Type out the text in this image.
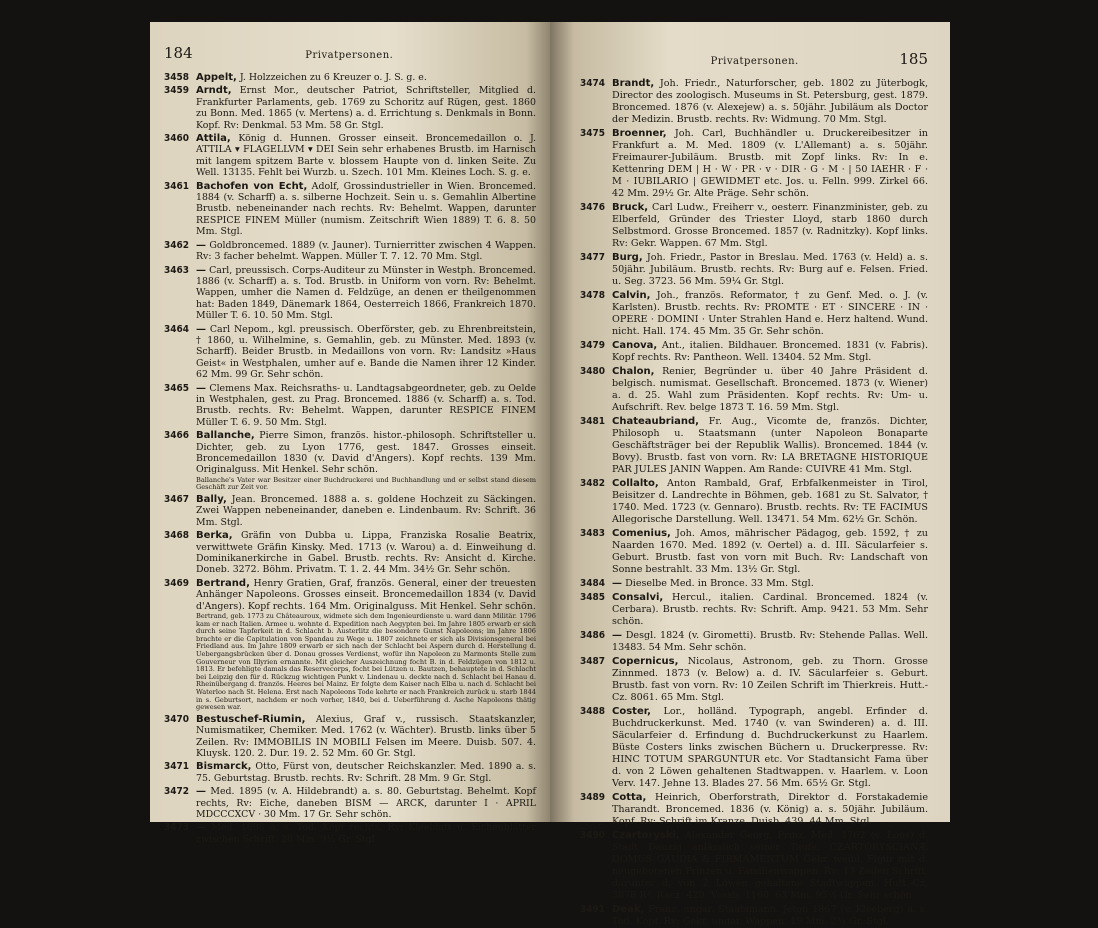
184	Privatpersonen.
3458 Appelt, J. Holzzeichen zu 6 Kreuzer o. J. S. g. e.
3459 Arndt, Ernst Mor., deutscher Patriot, Schriftsteller, Mitglied d. Frankfurter Parlaments, geb. 1769 zu Schoritz auf Rügen, gest. 1860 zu Bonn. Med. 1865 (v. Mertens) a. d. Errichtung s. Denkmals in Bonn. Kopf. Rv: Denkmal. 53 Mm. 58 Gr. Stgl.
3460 Attila, König d. Hunnen. Grosser einseit. Broncemedaillon o. J. ATTILA ▾ FLAGELLVM ▾ DEI Sein sehr erhabenes Brustb. im Harnisch mit langem spitzem Barte v. blossem Haupte von d. linken Seite. Zu Well. 13135. Fehlt bei Wurzb. u. Szech. 101 Mm. Kleines Loch. S. g. e.
3461 Bachofen von Echt, Adolf, Grossindustrieller in Wien. Broncemed. 1884 (v. Scharff) a. s. silberne Hochzeit. Sein u. s. Gemahlin Albertine Brustb. nebeneinander nach rechts. Rv: Behelmt. Wappen, darunter RESPICE FINEM Müller (numism. Zeitschrift Wien 1889) T. 6. 8. 50 Mm. Stgl.
3462 — Goldbroncemed. 1889 (v. Jauner). Turnierritter zwischen 4 Wappen. Rv: 3 facher behelmt. Wappen. Müller T. 7. 12. 70 Mm. Stgl.
3463 — Carl, preussisch. Corps-Auditeur zu Münster in Westph. Broncemed. 1886 (v. Scharff) a. s. Tod. Brustb. in Uniform von vorn. Rv: Behelmt. Wappen, umher die Namen d. Feldzüge, an denen er theilgenommen hat: Baden 1849, Dänemark 1864, Oesterreich 1866, Frankreich 1870. Müller T. 6. 10. 50 Mm. Stgl.
3464 — Carl Nepom., kgl. preussisch. Oberförster, geb. zu Ehrenbreitstein, † 1860, u. Wilhelmine, s. Gemahlin, geb. zu Münster. Med. 1893 (v. Scharff). Beider Brustb. in Medaillons von vorn. Rv: Landsitz »Haus Geist« in Westphalen, umher auf e. Bande die Namen ihrer 12 Kinder. 62 Mm. 99 Gr. Sehr schön.
3465 — Clemens Max. Reichsraths- u. Landtagsabgeordneter, geb. zu Oelde in Westphalen, gest. zu Prag. Broncemed. 1886 (v. Scharff) a. s. Tod. Brustb. rechts. Rv: Behelmt. Wappen, darunter RESPICE FINEM Müller T. 6. 9. 50 Mm. Stgl.
3466 Ballanche, Pierre Simon, französ. histor.-philosoph. Schriftsteller u. Dichter, geb. zu Lyon 1776, gest. 1847. Grosses einseit. Broncemedaillon 1830 (v. David d'Angers). Kopf rechts. 139 Mm. Originalguss. Mit Henkel. Sehr schön.
Ballanche's Vater war Besitzer einer Buchdruckerei und Buchhandlung und er selbst stand diesem Geschäft zur Zeit vor.
3467 Bally, Jean. Broncemed. 1888 a. s. goldene Hochzeit zu Säckingen. Zwei Wappen nebeneinander, daneben e. Lindenbaum. Rv: Schrift. 36 Mm. Stgl.
3468 Berka, Gräfin von Dubba u. Lippa, Franziska Rosalie Beatrix, verwittwete Gräfin Kinsky. Med. 1713 (v. Warou) a. d. Einweihung d. Dominikanerkirche in Gabel. Brustb. rechts. Rv: Ansicht d. Kirche. Doneb. 3272. Böhm. Privatm. T. 1. 2. 44 Mm. 34½ Gr. Sehr schön.
3469 Bertrand, Henry Gratien, Graf, französ. General, einer der treuesten Anhänger Napoleons. Grosses einseit. Broncemedaillon 1834 (v. David d'Angers). Kopf rechts. 164 Mm. Originalguss. Mit Henkel. Sehr schön.
Bertrand, geb. 1773 zu Châteauroux, widmete sich dem Ingenieurdienste u. ward dann Militär. 1796 kam er nach Italien. Armee u. wohnte d. Expedition nach Aegypten bei. Im Jahre 1805 erwarb er sich durch seine Tapferkeit in d. Schlacht b. Austerlitz die besondere Gunst Napoleons; im Jahre 1806 brachte er die Capitulation von Spandau zu Wege u. 1807 zeichnete er sich als Divisionsgeneral bei Friedland aus. Im Jahre 1809 erwarb er sich nach der Schlacht bei Aspern durch d. Herstellung d. Uebergangsbrücken über d. Donau grosses Verdienst, wofür ihn Napoleon zu Marmonts Stelle zum Gouverneur von Illyrien ernannte. Mit gleicher Auszeichnung focht B. in d. Feldzügen von 1812 u. 1813. Er befehligte damals das Reservecorps, focht bei Lützen u. Bautzen, behauptete in d. Schlacht bei Leipzig den für d. Rückzug wichtigen Punkt v. Lindenau u. deckte nach d. Schlacht bei Hanau d. Rheinübergang d. französ. Heeres bei Mainz. Er folgte dem Kaiser nach Elba u. nach d. Schlacht bei Waterloo nach St. Helena. Erst nach Napoleons Tode kehrte er nach Frankreich zurück u. starb 1844 in s. Geburtsort, nachdem er noch vorher, 1840, bei d. Ueberführung d. Asche Napoleons thätig gewesen war.
3470 Bestuschef-Riumin, Alexius, Graf v., russisch. Staatskanzler, Numismatiker, Chemiker. Med. 1762 (v. Wächter). Brustb. links über 5 Zeilen. Rv: IMMOBILIS IN MOBILI Felsen im Meere. Duisb. 507. 4. Kluysk. 120. 2. Dur. 19. 2. 52 Mm. 60 Gr. Stgl.
3471 Bismarck, Otto, Fürst von, deutscher Reichskanzler. Med. 1890 a. s. 75. Geburtstag. Brustb. rechts. Rv: Schrift. 28 Mm. 9 Gr. Stgl.
3472 — Med. 1895 (v. A. Hildebrandt) a. s. 80. Geburtstag. Behelmt. Kopf rechts, Rv: Eiche, daneben BISM — ARCK, darunter I · APRIL MDCCCXCV · 30 Mm. 17 Gr. Sehr schön.
3473 — Med. 1898 a. s. Tod. Kopf rechts. Rv: Kleeblatt u. Eichenblätter zwischen Schrift. 28 Mm. 9½ Gr. Stgl.
Privatpersonen.	185
3474 Brandt, Joh. Friedr., Naturforscher, geb. 1802 zu Jüterbogk, Director des zoologisch. Museums in St. Petersburg, gest. 1879. Broncemed. 1876 (v. Alexejew) a. s. 50jähr. Jubiläum als Doctor der Medizin. Brustb. rechts. Rv: Widmung. 70 Mm. Stgl.
3475 Broenner, Joh. Carl, Buchhändler u. Druckereibesitzer in Frankfurt a. M. Med. 1809 (v. L'Allemant) a. s. 50jähr. Freimaurer-Jubiläum. Brustb. mit Zopf links. Rv: In e. Kettenring DEM | H · W · PR · v · DIR · G · M · | 50 IAEHR · F · M · IUBILARIO | GEWIDMET etc. Jos. u. Felln. 999. Zirkel 66. 42 Mm. 29½ Gr. Alte Präge. Sehr schön.
3476 Bruck, Carl Ludw., Freiherr v., oesterr. Finanzminister, geb. zu Elberfeld, Gründer des Triester Lloyd, starb 1860 durch Selbstmord. Grosse Broncemed. 1857 (v. Radnitzky). Kopf links. Rv: Gekr. Wappen. 67 Mm. Stgl.
3477 Burg, Joh. Friedr., Pastor in Breslau. Med. 1763 (v. Held) a. s. 50jähr. Jubiläum. Brustb. rechts. Rv: Burg auf e. Felsen. Fried. u. Seg. 3723. 56 Mm. 59¼ Gr. Stgl.
3478 Calvin, Joh., französ. Reformator, † zu Genf. Med. o. J. (v. Karlsten). Brustb. rechts. Rv: PROMTE · ET · SINCERE · IN · OPERE · DOMINI · Unter Strahlen Hand e. Herz haltend. Wund. nicht. Hall. 174. 45 Mm. 35 Gr. Sehr schön.
3479 Canova, Ant., italien. Bildhauer. Broncemed. 1831 (v. Fabris). Kopf rechts. Rv: Pantheon. Well. 13404. 52 Mm. Stgl.
3480 Chalon, Renier, Begründer u. über 40 Jahre Präsident d. belgisch. numismat. Gesellschaft. Broncemed. 1873 (v. Wiener) a. d. 25. Wahl zum Präsidenten. Kopf rechts. Rv: Um- u. Aufschrift. Rev. belge 1873 T. 16. 59 Mm. Stgl.
3481 Chateaubriand, Fr. Aug., Vicomte de, französ. Dichter, Philosoph u. Staatsmann (unter Napoleon Bonaparte Geschäftsträger bei der Republik Wallis). Broncemed. 1844 (v. Bovy). Brustb. fast von vorn. Rv: LA BRETAGNE HISTORIQUE PAR JULES JANIN Wappen. Am Rande: CUIVRE 41 Mm. Stgl.
3482 Collalto, Anton Rambald, Graf, Erbfalkenmeister in Tirol, Beisitzer d. Landrechte in Böhmen, geb. 1681 zu St. Salvator, † 1740. Med. 1723 (v. Gennaro). Brustb. rechts. Rv: TE FACIMUS Allegorische Darstellung. Well. 13471. 54 Mm. 62½ Gr. Schön.
3483 Comenius, Joh. Amos, mährischer Pädagog, geb. 1592, † zu Naarden 1670. Med. 1892 (v. Oertel) a. d. III. Säcularfeier s. Geburt. Brustb. fast von vorn mit Buch. Rv: Landschaft von Sonne bestrahlt. 33 Mm. 13½ Gr. Stgl.
3484 — Dieselbe Med. in Bronce. 33 Mm. Stgl.
3485 Consalvi, Hercul., italien. Cardinal. Broncemed. 1824 (v. Cerbara). Brustb. rechts. Rv: Schrift. Amp. 9421. 53 Mm. Sehr schön.
3486 — Desgl. 1824 (v. Girometti). Brustb. Rv: Stehende Pallas. Well. 13483. 54 Mm. Sehr schön.
3487 Copernicus, Nicolaus, Astronom, geb. zu Thorn. Grosse Zinnmed. 1873 (v. Below) a. d. IV. Säcularfeier s. Geburt. Brustb. fast von vorn. Rv: 10 Zeilen Schrift im Thierkreis. Hutt.-Cz. 8061. 65 Mm. Stgl.
3488 Coster, Lor., holländ. Typograph, angebl. Erfinder d. Buchdruckerkunst. Med. 1740 (v. van Swinderen) a. d. III. Säcularfeier d. Erfindung d. Buchdruckerkunst zu Haarlem. Büste Costers links zwischen Büchern u. Druckerpresse. Rv: HINC TOTUM SPARGUNTUR etc. Vor Stadtansicht Fama über d. von 2 Löwen gehaltenen Stadtwappen. v. Haarlem. v. Loon Verv. 147. Jehne 13. Blades 27. 56 Mm. 65½ Gr. Stgl.
3489 Cotta, Heinrich, Oberforstrath, Direktor d. Forstakademie Tharandt. Broncemed. 1836 (v. König) a. s. 50jähr. Jubiläum. Kopf. Rv: Schrift im Kranze. Duisb. 439. 44 Mm. Stgl.
3490 Czartoryski, Alexander Georg, Prinz. Med. 1762 (v. Loos) d. Stadt Danzig anlässlich seiner Taufe. CZARTORYSCIANÆ DOMUS GAUDIA & FIRMAMENTUM Gekr. weibl. Figur mit d. neugeborenen Prinzen u. Familienwappen. Rv: 13 Zeilen Schrift, darunter d. von 2 Löwen gehaltene Stadtwappen. Hutt.-Cz. 3878 R². Racz. 420. Vossb. 1160. 63 Mm. 95½ Gr. Sehr schön.
3491 Deak, Franz, ungar. Staatsmann. Jeton 1867 (v. Kleeberg) a. s. Tod. Kopf. Rv: Gekr. ungar. Wappen. 19 Mm. 2¾ Gr. Stgl.
